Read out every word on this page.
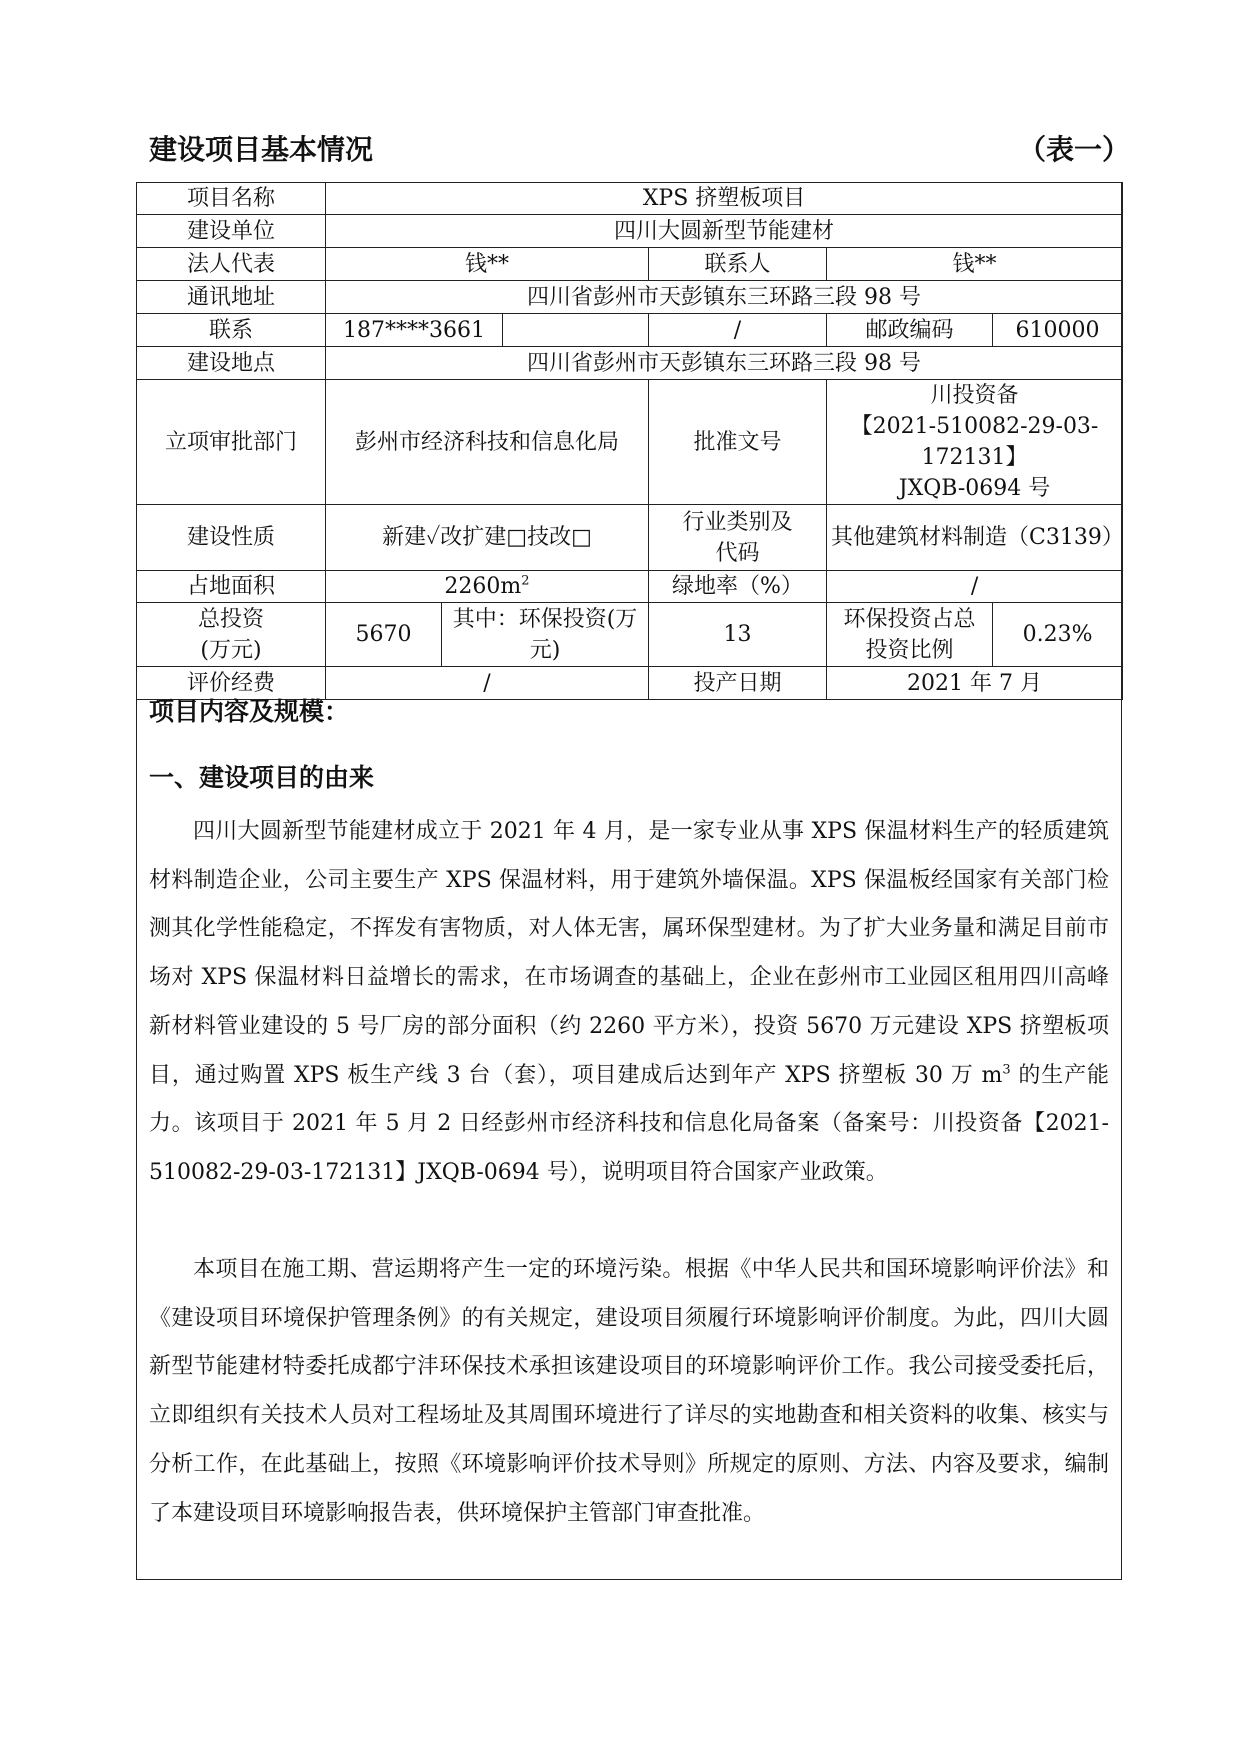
建设项目基本情况	（表一）
项目名称	XPS 挤塑板项目					
建设单位	四川大圆新型节能建材					
法人代表	钱**			联系人	钱**	
通讯地址	四川省彭州市天彭镇东三环路三段 98 号					
联系	187****3661			/	邮政编码	610000
建设地点	四川省彭州市天彭镇东三环路三段 98 号					
立项审批部门	彭州市经济科技和信息化局			批准文号	川投资备
【2021-510082-29-03-172131】
JXQB-0694 号	

建设性质	新建✓改扩建□技改□			行业类别及代码	其他建筑材料制造（C3139）	
占地面积	$2260m^2$			绿地率（%）	/	
总投资(万元)	5670	其中：环保投资(万元)		13	环保投资占总投资比例	0.23%
评价经费	/			投产日期	2021 年 7 月	
项目内容及规模：
一、建设项目的由来
四川大圆新型节能建材成立于 2021 年 4 月，是一家专业从事 XPS 保温材料生产的轻质建筑材料制造企业，公司主要生产 XPS 保温材料，用于建筑外墙保温。XPS 保温板经国家有关部门检测其化学性能稳定，不挥发有害物质，对人体无害，属环保型建材。为了扩大业务量和满足目前市场对 XPS 保温材料日益增长的需求，在市场调查的基础上，企业在彭州市工业园区租用四川高峰新材料管业建设的 5 号厂房的部分面积（约 2260 平方米），投资 5670 万元建设 XPS 挤塑板项目，通过购置 XPS 板生产线 3 台（套），项目建成后达到年产 XPS 挤塑板 30 万 $m^3$ 的生产能力。该项目于 2021 年 5 月 2 日经彭州市经济科技和信息化局备案（备案号：川投资备【2021-510082-29-03-172131】JXQB-0694 号），说明项目符合国家产业政策。
本项目在施工期、营运期将产生一定的环境污染。根据《中华人民共和国环境影响评价法》和《建设项目环境保护管理条例》的有关规定，建设项目须履行环境影响评价制度。为此，四川大圆新型节能建材特委托成都宁沣环保技术承担该建设项目的环境影响评价工作。我公司接受委托后，立即组织有关技术人员对工程场址及其周围环境进行了详尽的实地勘查和相关资料的收集、核实与分析工作，在此基础上，按照《环境影响评价技术导则》所规定的原则、方法、内容及要求，编制了本建设项目环境影响报告表，供环境保护主管部门审查批准。
